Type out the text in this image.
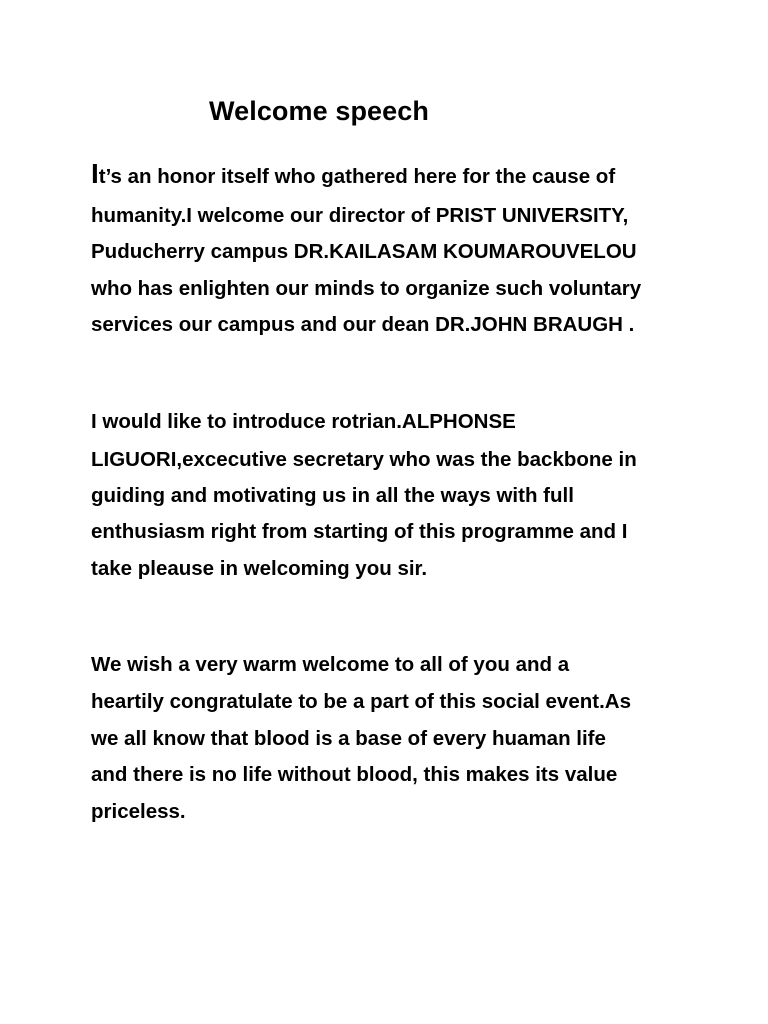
Welcome speech
It’s an honor itself who gathered here for the cause of
humanity.I welcome our director of PRIST UNIVERSITY,
Puducherry campus DR.KAILASAM KOUMAROUVELOU
who has enlighten our minds to organize such voluntary
services our campus and our dean DR.JOHN BRAUGH .
I would like to introduce rotrian.ALPHONSE
LIGUORI,excecutive secretary who was the backbone in
guiding and motivating us in all the ways with full
enthusiasm right from starting of this programme and I
take pleause in welcoming you sir.
We wish a very warm welcome to all of you and a
heartily congratulate to be a part of this social event.As
we all know that blood is a base of every huaman life
and there is no life without blood, this makes its value
priceless.
